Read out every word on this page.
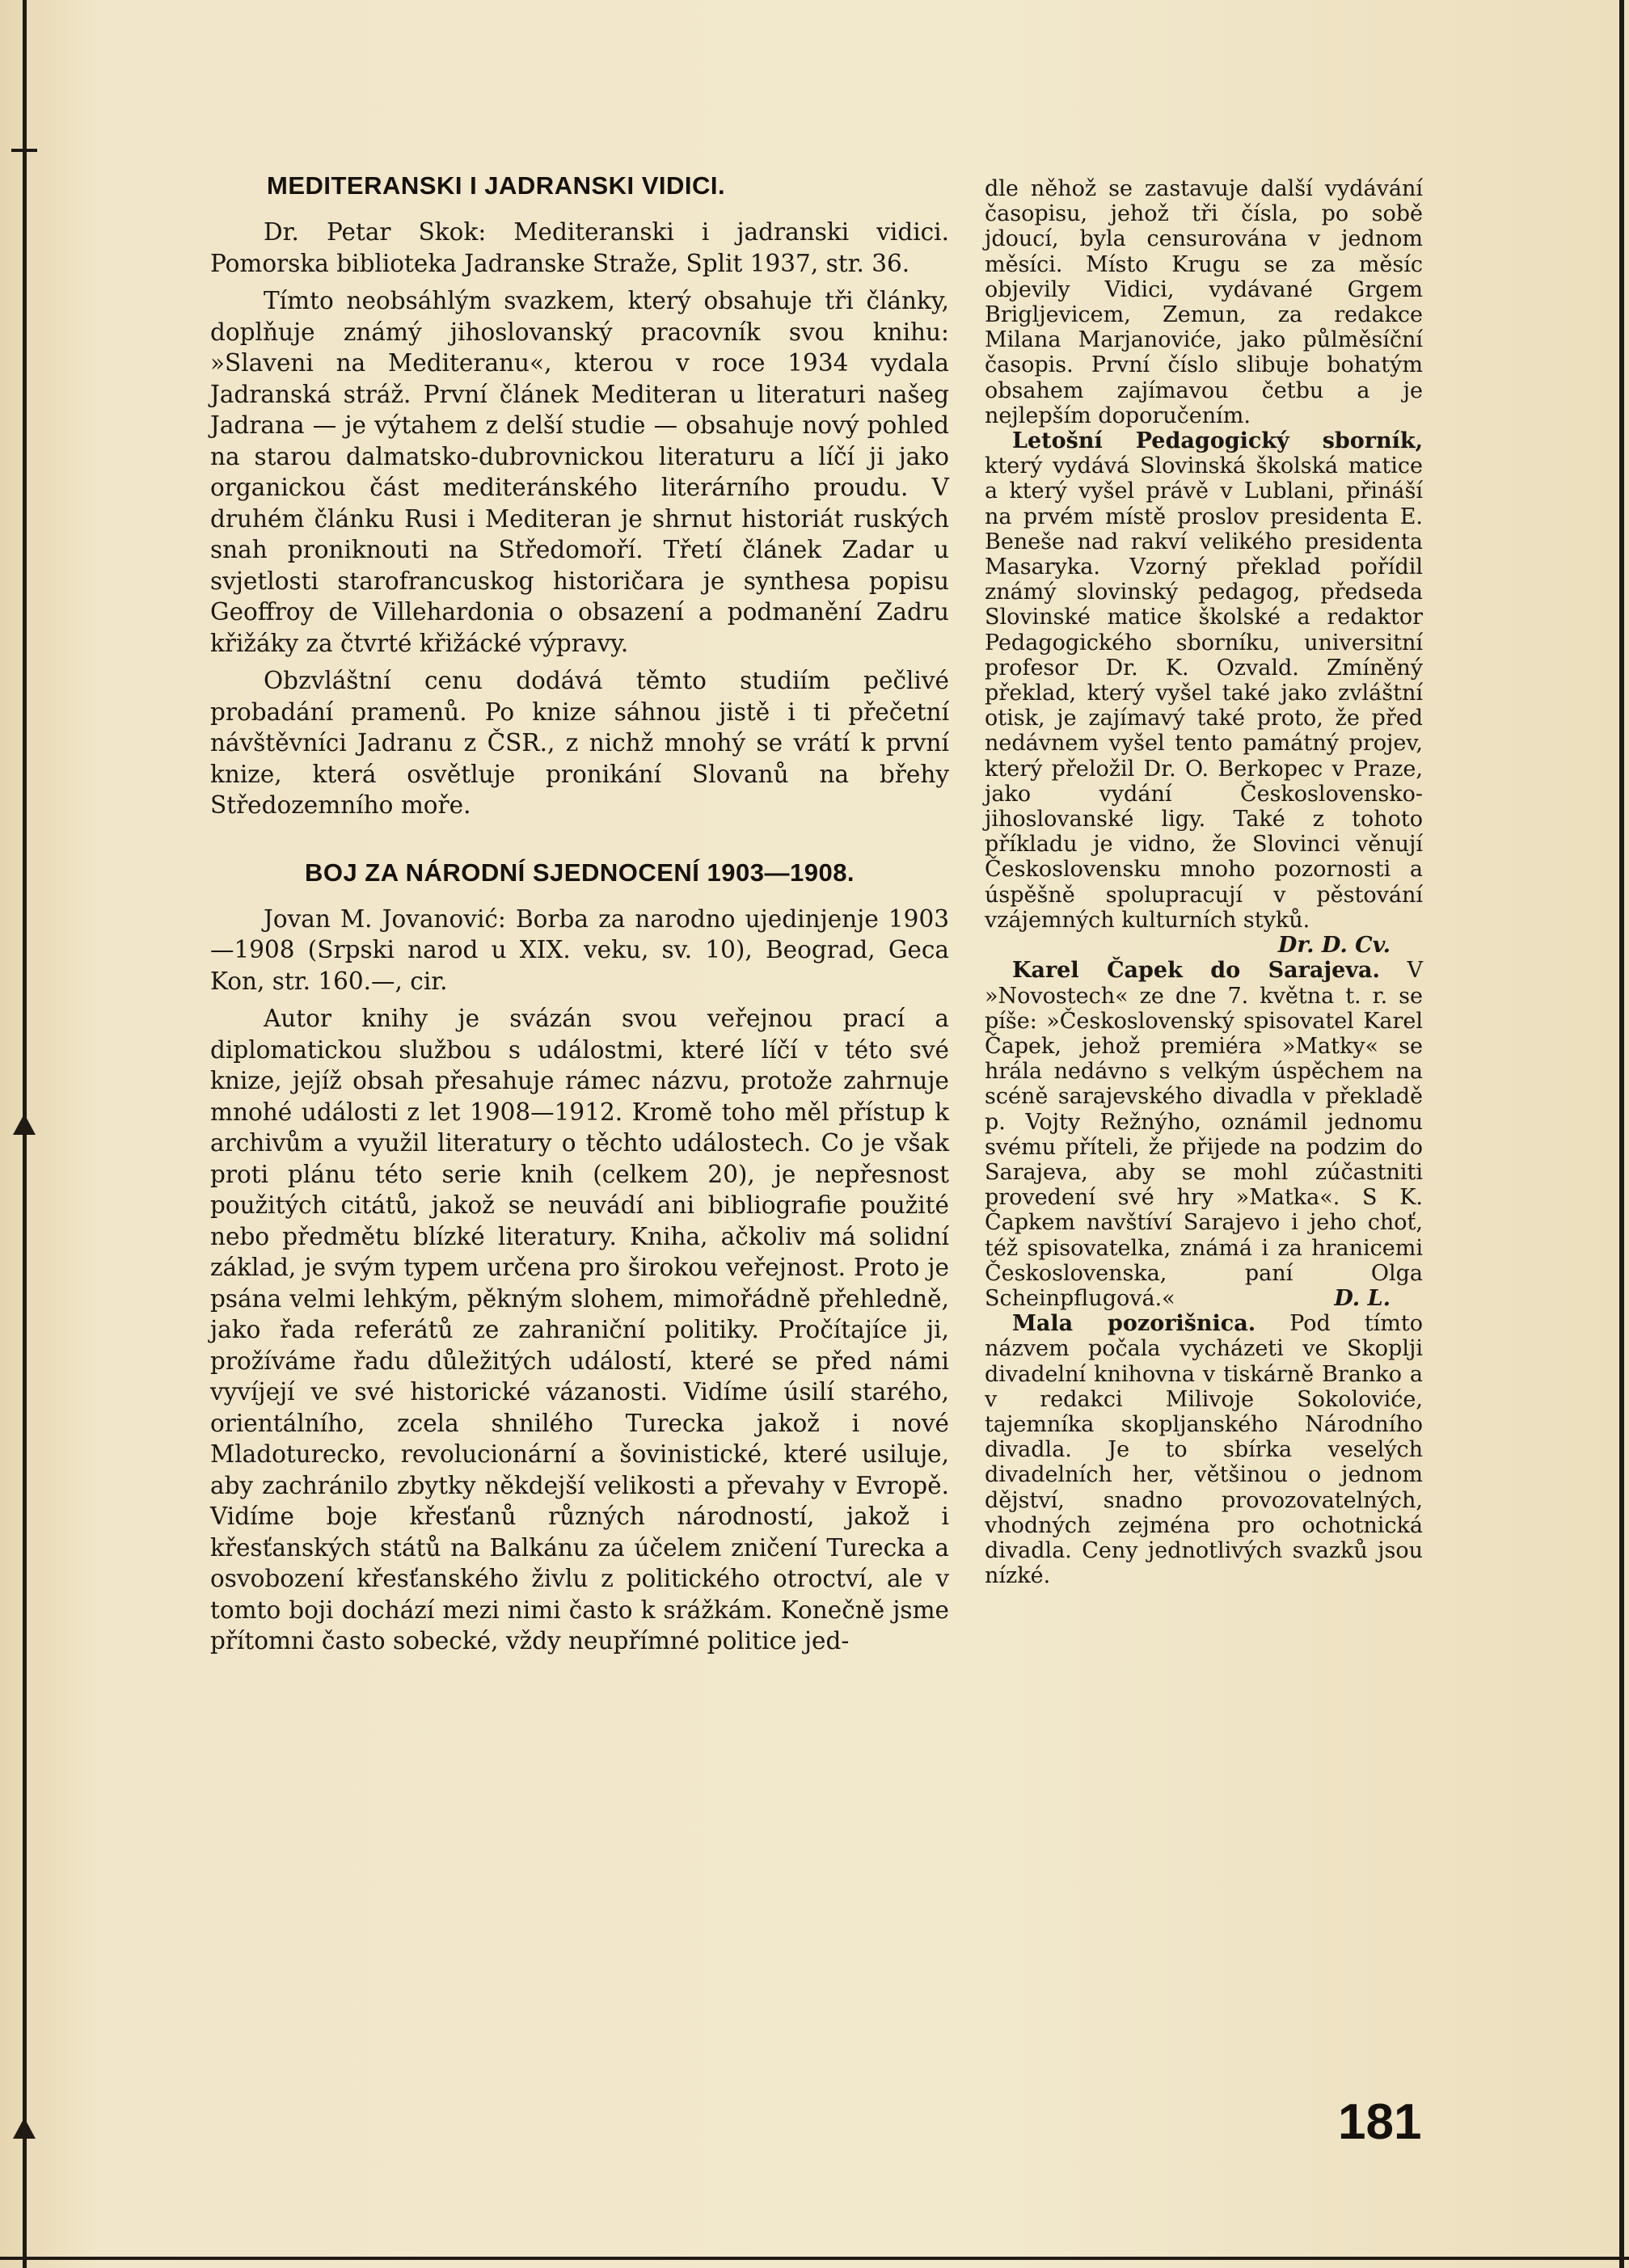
MEDITERANSKI I JADRANSKI VIDICI.

Dr. Petar Skok: Mediteranski i jadranski vidici. Pomorska biblioteka Jadranske Straže, Split 1937, str. 36.

Tímto neobsáhlým svazkem, který obsahuje tři články, doplňuje známý jihoslovanský pracovník svou knihu: »Slaveni na Mediteranu«, kterou v roce 1934 vydala Jadranská stráž. První článek Mediteran u literaturi našeg Jadrana — je výtahem z delší studie — obsahuje nový pohled na starou dalmatsko-dubrovnickou literaturu a líčí ji jako organickou část mediteránského literárního proudu. V druhém článku Rusi i Mediteran je shrnut historiát ruských snah proniknouti na Středomoří. Třetí článek Zadar u svjetlosti starofrancuskog historičara je synthesa popisu Geoffroy de Villehardonia o obsazení a podmanění Zadru křižáky za čtvrté křižácké výpravy.

Obzvláštní cenu dodává těmto studiím pečlivé probadání pramenů. Po knize sáhnou jistě i ti přečetní návštěvníci Jadranu z ČSR., z nichž mnohý se vrátí k první knize, která osvětluje pronikání Slovanů na břehy Středozemního moře.

BOJ ZA NÁRODNÍ SJEDNOCENÍ 1903—1908.

Jovan M. Jovanović: Borba za narodno ujedinjenje 1903—1908 (Srpski narod u XIX. veku, sv. 10), Beograd, Geca Kon, str. 160.—, cir.

Autor knihy je svázán svou veřejnou prací a diplomatickou službou s událostmi, které líčí v této své knize, jejíž obsah přesahuje rámec názvu, protože zahrnuje mnohé události z let 1908—1912. Kromě toho měl přístup k archivům a využil literatury o těchto událostech. Co je však proti plánu této serie knih (celkem 20), je nepřesnost použitých citátů, jakož se neuvádí ani bibliografie použité nebo předmětu blízké literatury. Kniha, ačkoliv má solidní základ, je svým typem určena pro širokou veřejnost. Proto je psána velmi lehkým, pěkným slohem, mimořádně přehledně, jako řada referátů ze zahraniční politiky. Pročítajíce ji, prožíváme řadu důležitých událostí, které se před námi vyvíjejí ve své historické vázanosti. Vidíme úsilí starého, orientálního, zcela shnilého Turecka jakož i nové Mladoturecko, revolucionární a šovinistické, které usiluje, aby zachránilo zbytky někdejší velikosti a převahy v Evropě. Vidíme boje křesťanů různých národností, jakož i křesťanských států na Balkánu za účelem zničení Turecka a osvobození křesťanského živlu z politického otroctví, ale v tomto boji dochází mezi nimi často k srážkám. Konečně jsme přítomni často sobecké, vždy neupřímné politice jed-

dle něhož se zastavuje další vydávání časopisu, jehož tři čísla, po sobě jdoucí, byla censurována v jednom měsíci. Místo Krugu se za měsíc objevily Vidici, vydávané Grgem Brigljevicem, Zemun, za redakce Milana Marjanoviće, jako půlměsíční časopis. První číslo slibuje bohatým obsahem zajímavou četbu a je nejlepším doporučením.

Letošní Pedagogický sborník, který vydává Slovinská školská matice a který vyšel právě v Lublani, přináší na prvém místě proslov presidenta E. Beneše nad rakví velikého presidenta Masaryka. Vzorný překlad pořídil známý slovinský pedagog, předseda Slovinské matice školské a redaktor Pedagogického sborníku, universitní profesor Dr. K. Ozvald. Zmíněný překlad, který vyšel také jako zvláštní otisk, je zajímavý také proto, že před nedávnem vyšel tento památný projev, který přeložil Dr. O. Berkopec v Praze, jako vydání Československo-jihoslovanské ligy. Také z tohoto příkladu je vidno, že Slovinci věnují Československu mnoho pozornosti a úspěšně spolupracují v pěstování vzájemných kulturních styků.
Dr. D. Cv.

Karel Čapek do Sarajeva. V »Novostech« ze dne 7. května t. r. se píše: »Československý spisovatel Karel Čapek, jehož premiéra »Matky« se hrála nedávno s velkým úspěchem na scéně sarajevského divadla v překladě p. Vojty Režnýho, oznámil jednomu svému příteli, že přijede na podzim do Sarajeva, aby se mohl zúčastniti provedení své hry »Matka«. S K. Čapkem navštíví Sarajevo i jeho choť, též spisovatelka, známá i za hranicemi Československa, paní Olga Scheinpflugová.«	D. L.

Mala pozorišnica. Pod tímto názvem počala vycházeti ve Skoplji divadelní knihovna v tiskárně Branko a v redakci Milivoje Sokoloviće, tajemníka skopljanského Národního divadla. Je to sbírka veselých divadelních her, většinou o jednom dějství, snadno provozovatelných, vhodných zejména pro ochotnická divadla. Ceny jednotlivých svazků jsou nízké.

181
